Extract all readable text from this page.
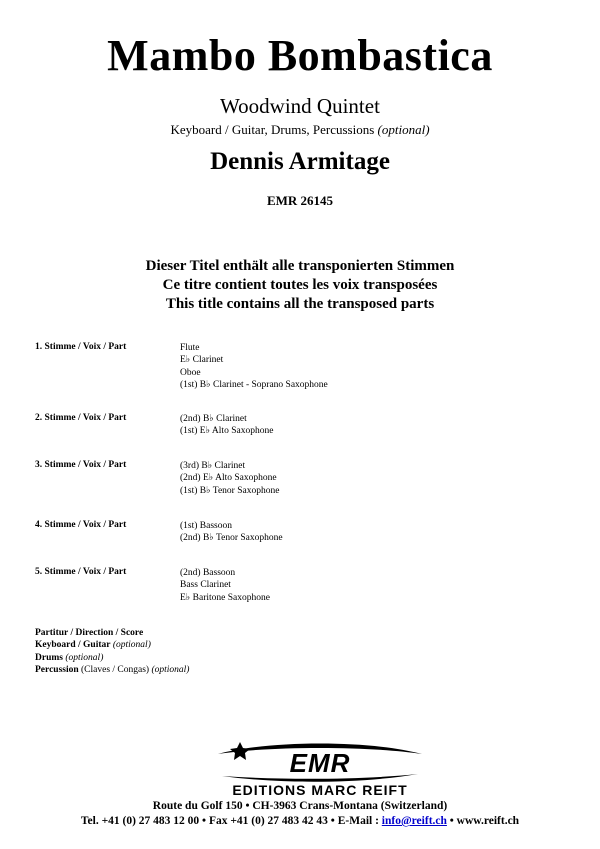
Mambo Bombastica
Woodwind Quintet
Keyboard / Guitar, Drums, Percussions (optional)
Dennis Armitage
EMR 26145
Dieser Titel enthält alle transponierten Stimmen
Ce titre contient toutes les voix transposées
This title contains all the transposed parts
1. Stimme / Voix / Part	Flute
E♭ Clarinet
Oboe
(1st) B♭ Clarinet - Soprano Saxophone
2. Stimme / Voix / Part	(2nd) B♭ Clarinet
(1st) E♭ Alto Saxophone
3. Stimme / Voix / Part	(3rd) B♭ Clarinet
(2nd) E♭ Alto Saxophone
(1st) B♭ Tenor Saxophone
4. Stimme / Voix / Part	(1st) Bassoon
(2nd) B♭ Tenor Saxophone
5. Stimme / Voix / Part	(2nd) Bassoon
Bass Clarinet
E♭ Baritone Saxophone
Partitur / Direction / Score
Keyboard / Guitar (optional)
Drums (optional)
Percussion (Claves / Congas) (optional)
EMR
EDITIONS MARC REIFT
Route du Golf 150 • CH-3963 Crans-Montana (Switzerland)
Tel. +41 (0) 27 483 12 00 • Fax +41 (0) 27 483 42 43 • E-Mail : info@reift.ch • www.reift.ch
